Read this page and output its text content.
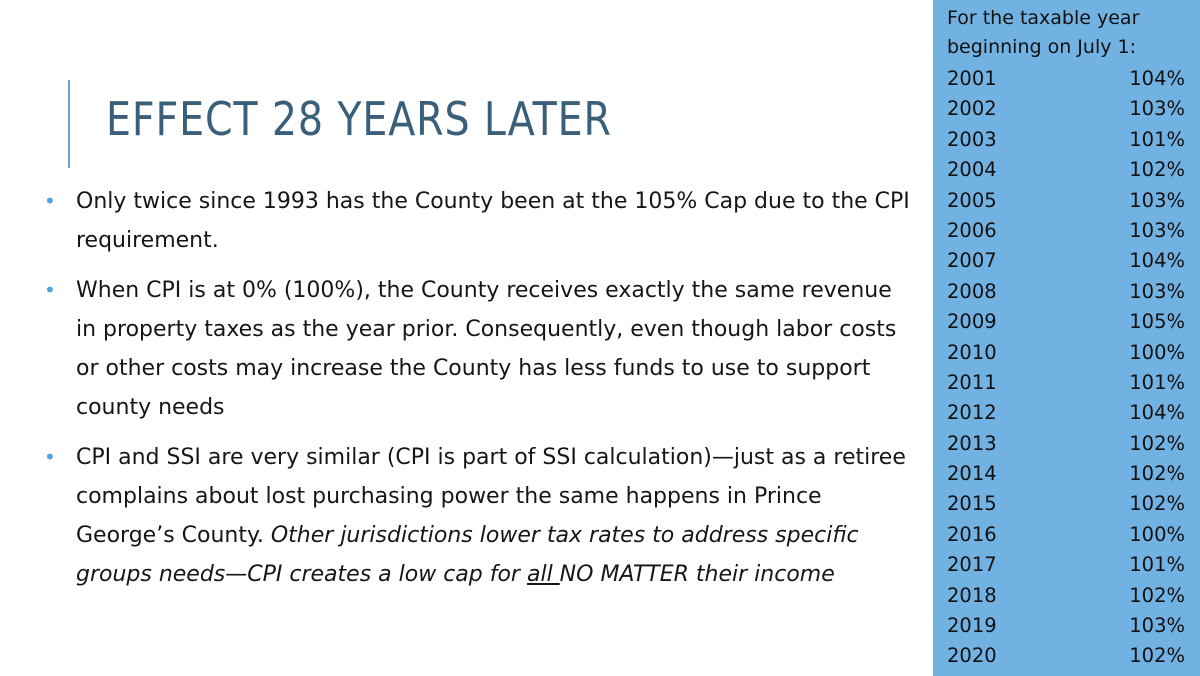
EFFECT 28 YEARS LATER
• Only twice since 1993 has the County been at the 105% Cap due to the CPI requirement.
• When CPI is at 0% (100%), the County receives exactly the same revenue in property taxes as the year prior. Consequently, even though labor costs or other costs may increase the County has less funds to use to support county needs
• CPI and SSI are very similar (CPI is part of SSI calculation)—just as a retiree complains about lost purchasing power the same happens in Prince George’s County. Other jurisdictions lower tax rates to address specific groups needs—CPI creates a low cap for all NO MATTER their income
For the taxable year
beginning on July 1:
2001	104%
2002	103%
2003	101%
2004	102%
2005	103%
2006	103%
2007	104%
2008	103%
2009	105%
2010	100%
2011	101%
2012	104%
2013	102%
2014	102%
2015	102%
2016	100%
2017	101%
2018	102%
2019	103%
2020	102%
